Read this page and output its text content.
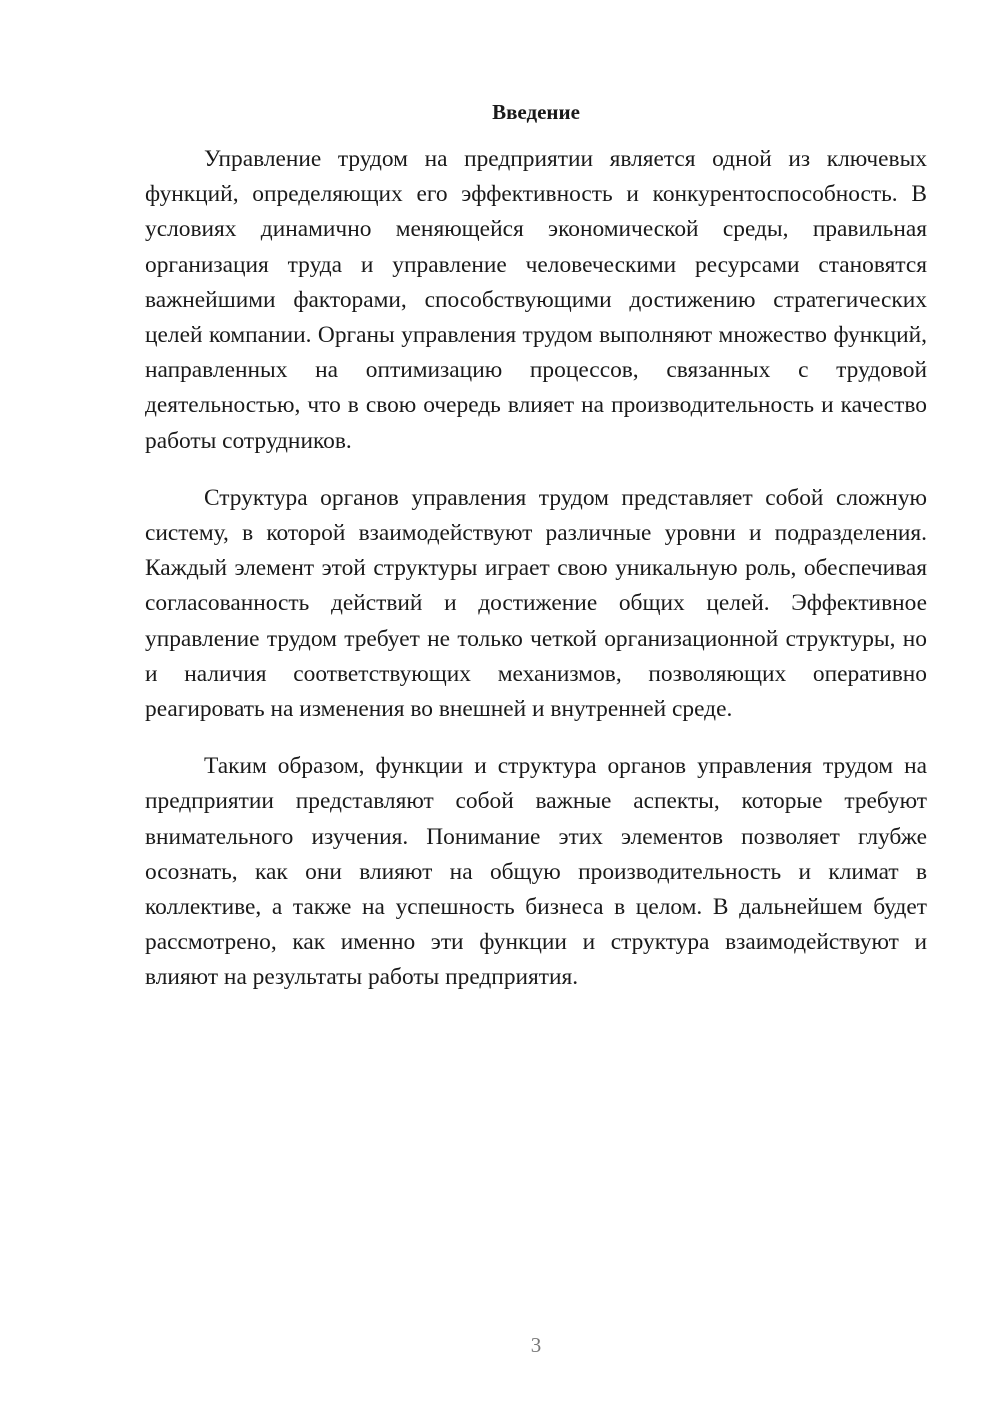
Введение

Управление трудом на предприятии является одной из ключевых функций, определяющих его эффективность и конкурентоспособность. В условиях динамично меняющейся экономической среды, правильная организация труда и управление человеческими ресурсами становятся важнейшими факторами, способствующими достижению стратегических целей компании. Органы управления трудом выполняют множество функций, направленных на оптимизацию процессов, связанных с трудовой деятельностью, что в свою очередь влияет на производительность и качество работы сотрудников.

Структура органов управления трудом представляет собой сложную систему, в которой взаимодействуют различные уровни и подразделения. Каждый элемент этой структуры играет свою уникальную роль, обеспечивая согласованность действий и достижение общих целей. Эффективное управление трудом требует не только четкой организационной структуры, но и наличия соответствующих механизмов, позволяющих оперативно реагировать на изменения во внешней и внутренней среде.

Таким образом, функции и структура органов управления трудом на предприятии представляют собой важные аспекты, которые требуют внимательного изучения. Понимание этих элементов позволяет глубже осознать, как они влияют на общую производительность и климат в коллективе, а также на успешность бизнеса в целом. В дальнейшем будет рассмотрено, как именно эти функции и структура взаимодействуют и влияют на результаты работы предприятия.

3
